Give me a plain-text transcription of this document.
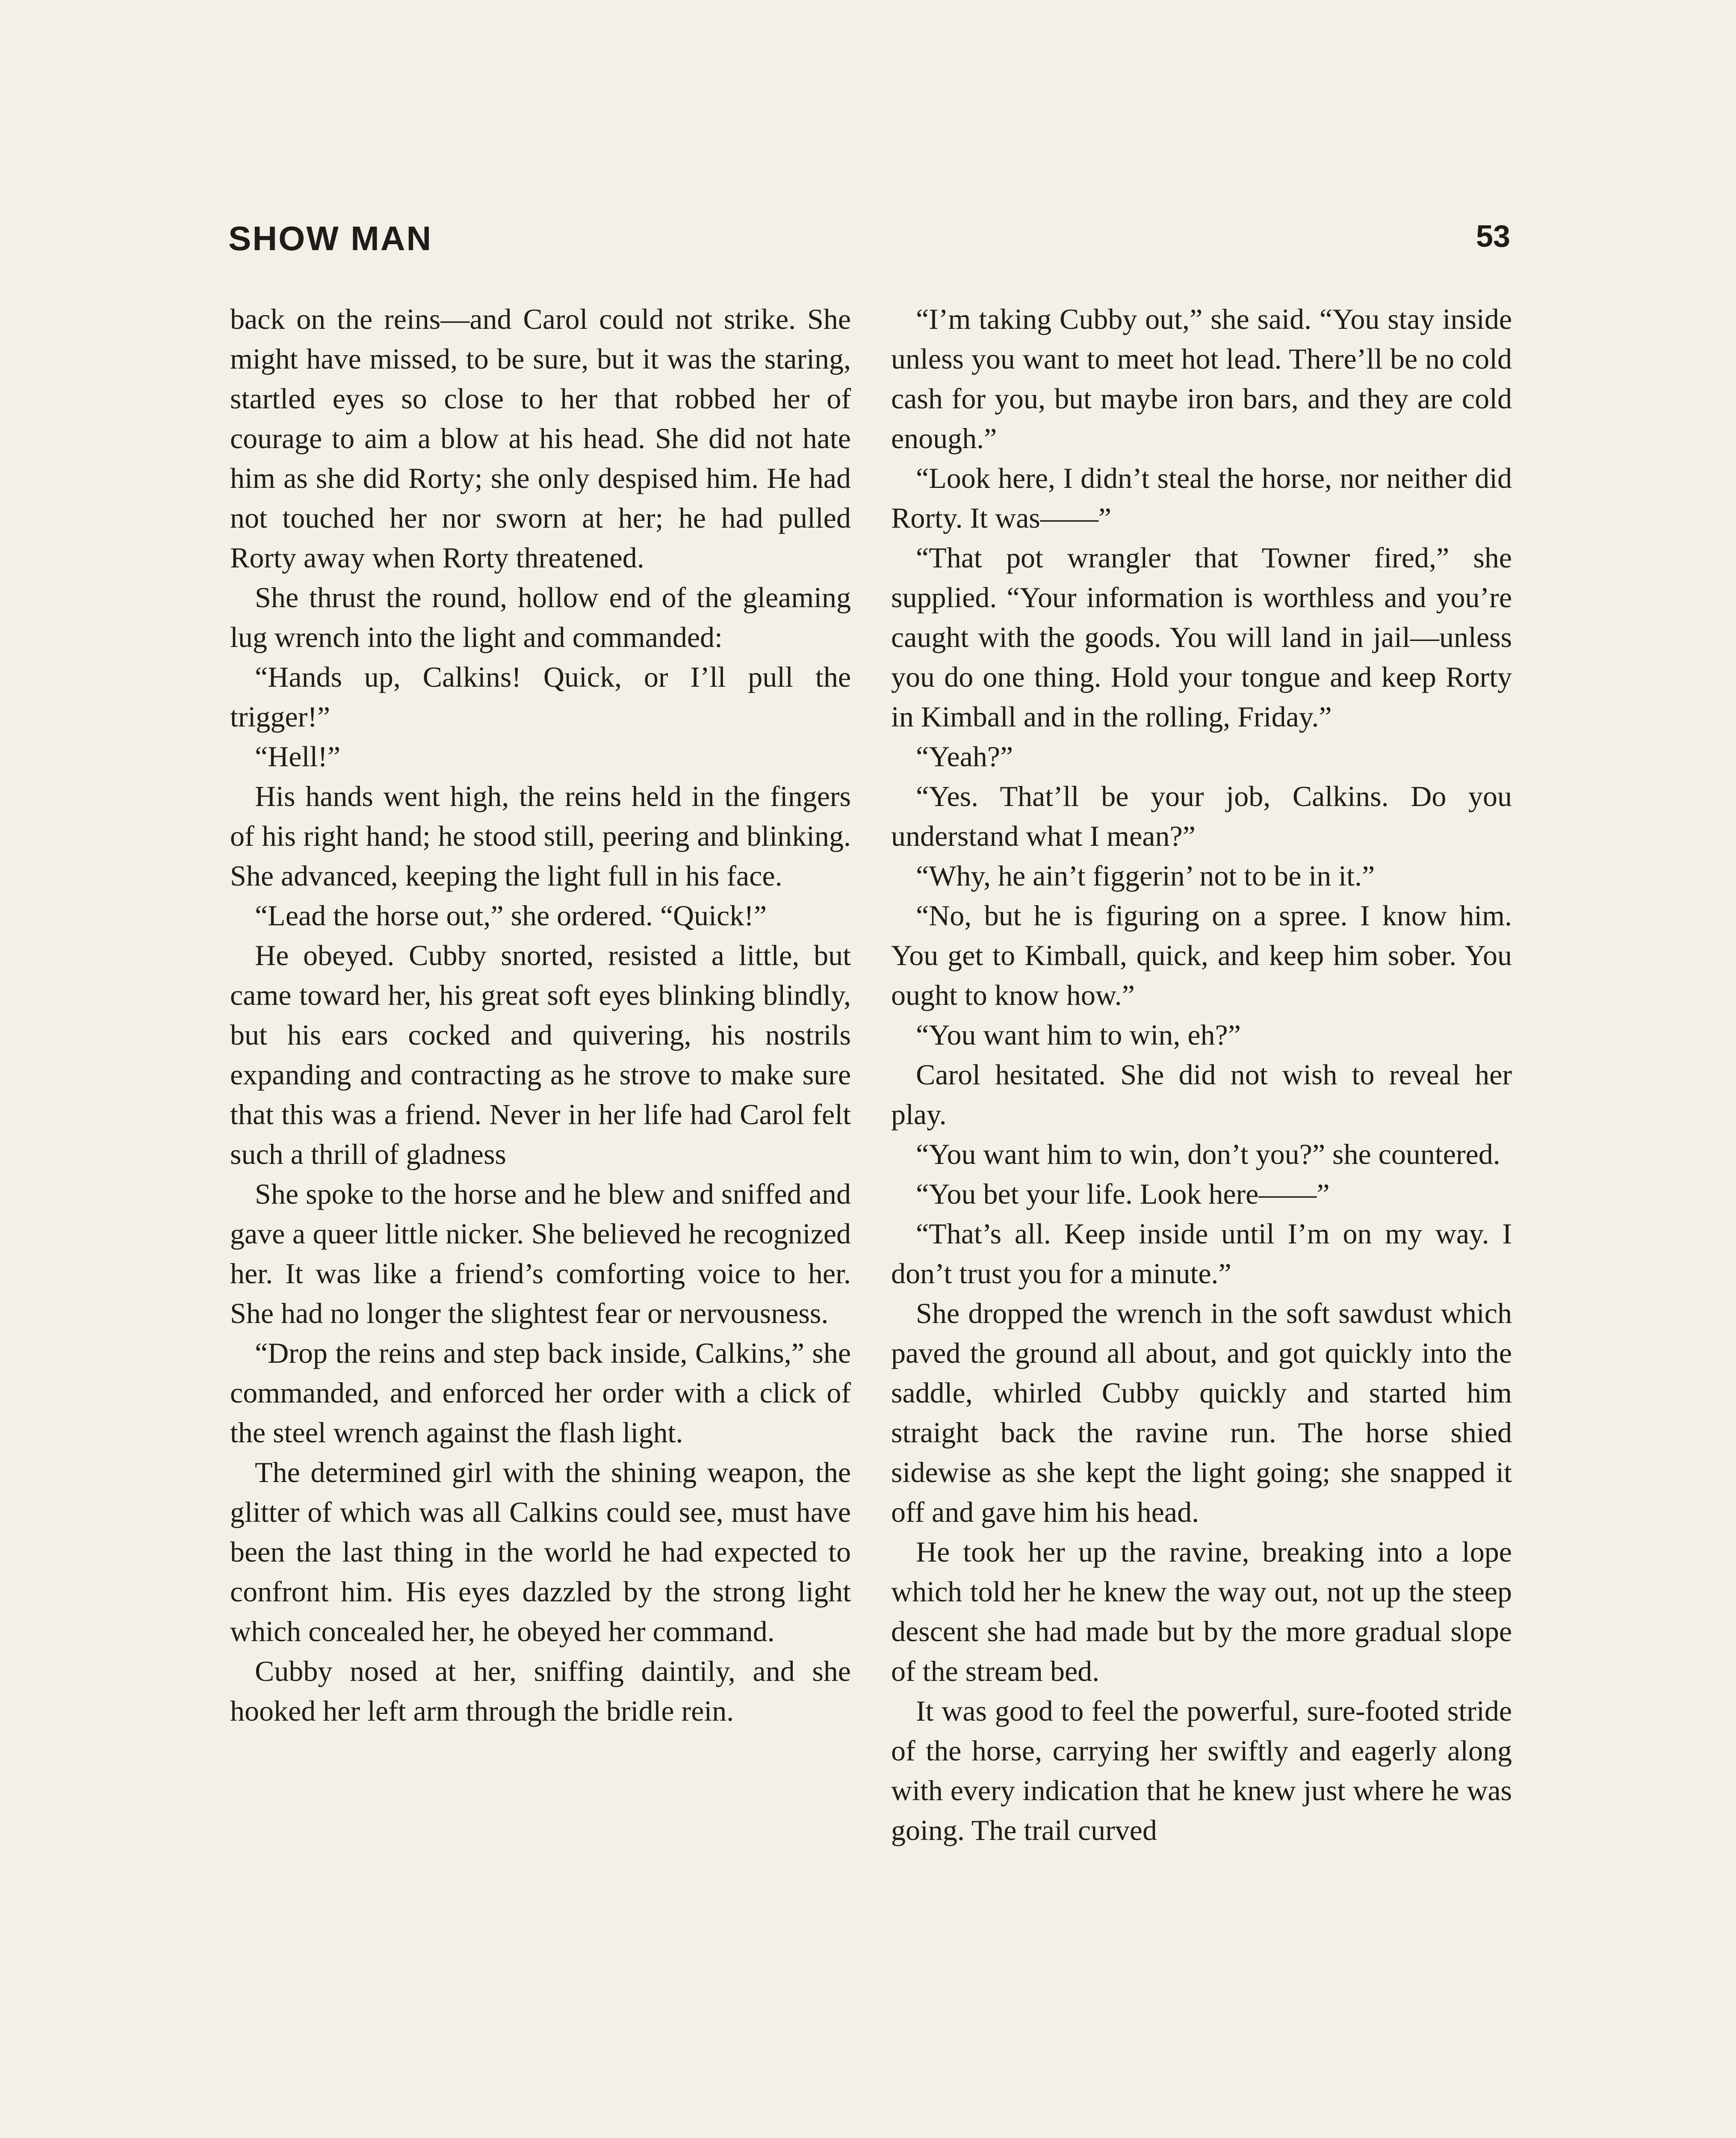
SHOW MAN	53

back on the reins—and Carol could not strike. She might have missed, to be sure, but it was the staring, startled eyes so close to her that robbed her of courage to aim a blow at his head. She did not hate him as she did Rorty; she only despised him. He had not touched her nor sworn at her; he had pulled Rorty away when Rorty threatened.

She thrust the round, hollow end of the gleaming lug wrench into the light and commanded:

“Hands up, Calkins! Quick, or I’ll pull the trigger!”

“Hell!”

His hands went high, the reins held in the fingers of his right hand; he stood still, peering and blinking. She advanced, keeping the light full in his face.

“Lead the horse out,” she ordered. “Quick!”

He obeyed. Cubby snorted, resisted a little, but came toward her, his great soft eyes blinking blindly, but his ears cocked and quivering, his nostrils expanding and contracting as he strove to make sure that this was a friend. Never in her life had Carol felt such a thrill of gladness

She spoke to the horse and he blew and sniffed and gave a queer little nicker. She believed he recognized her. It was like a friend’s comforting voice to her. She had no longer the slightest fear or nervousness.

“Drop the reins and step back inside, Calkins,” she commanded, and enforced her order with a click of the steel wrench against the flash light.

The determined girl with the shining weapon, the glitter of which was all Calkins could see, must have been the last thing in the world he had expected to confront him. His eyes dazzled by the strong light which concealed her, he obeyed her command.

Cubby nosed at her, sniffing daintily, and she hooked her left arm through the bridle rein.

“I’m taking Cubby out,” she said. “You stay inside unless you want to meet hot lead. There’ll be no cold cash for you, but maybe iron bars, and they are cold enough.”

“Look here, I didn’t steal the horse, nor neither did Rorty. It was——”

“That pot wrangler that Towner fired,” she supplied. “Your information is worthless and you’re caught with the goods. You will land in jail—unless you do one thing. Hold your tongue and keep Rorty in Kimball and in the rolling, Friday.”

“Yeah?”

“Yes. That’ll be your job, Calkins. Do you understand what I mean?”

“Why, he ain’t figgerin’ not to be in it.”

“No, but he is figuring on a spree. I know him. You get to Kimball, quick, and keep him sober. You ought to know how.”

“You want him to win, eh?”

Carol hesitated. She did not wish to reveal her play.

“You want him to win, don’t you?” she countered.

“You bet your life. Look here——”

“That’s all. Keep inside until I’m on my way. I don’t trust you for a minute.”

She dropped the wrench in the soft sawdust which paved the ground all about, and got quickly into the saddle, whirled Cubby quickly and started him straight back the ravine run. The horse shied sidewise as she kept the light going; she snapped it off and gave him his head.

He took her up the ravine, breaking into a lope which told her he knew the way out, not up the steep descent she had made but by the more gradual slope of the stream bed.

It was good to feel the powerful, sure-footed stride of the horse, carrying her swiftly and eagerly along with every indication that he knew just where he was going. The trail curved
